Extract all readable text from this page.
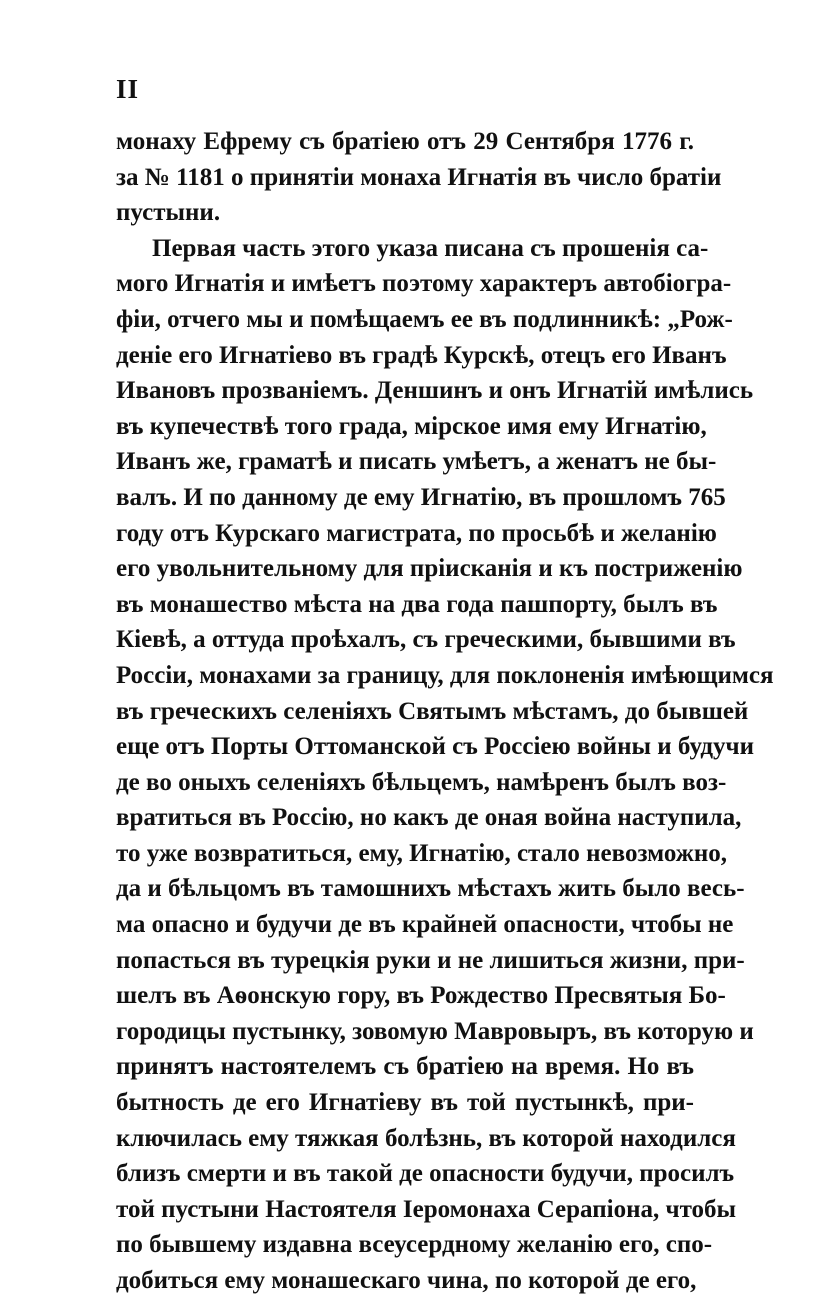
II
монаху Ефрему съ братіею отъ 29 Сентября 1776 г.
за № 1181 о принятіи монаха Игнатія въ число братіи
пустыни.
Первая часть этого указа писана съ прошенія са-
мого Игнатія и имѣетъ поэтому характеръ автобіогра-
фіи, отчего мы и помѣщаемъ ее въ подлинникѣ: „Рож-
деніе его Игнатіево въ градѣ Курскѣ, отецъ его Иванъ
Ивановъ прозваніемъ. Деншинъ и онъ Игнатій имѣлись
въ купечествѣ того града, мірское имя ему Игнатію,
Иванъ же, граматѣ и писать умѣетъ, а женатъ не бы-
валъ. И по данному де ему Игнатію, въ прошломъ 765
году отъ Курскаго магистрата, по просьбѣ и желанію
его увольнительному для пріисканія и къ постриженію
въ монашество мѣста на два года пашпорту, былъ въ
Кіевѣ, а оттуда проѣхалъ, съ греческими, бывшими въ
Россіи, монахами за границу, для поклоненія имѣющимся
въ греческихъ селеніяхъ Святымъ мѣстамъ, до бывшей
еще отъ Порты Оттоманской съ Россіею войны и будучи
де во оныхъ селеніяхъ бѣльцемъ, намѣренъ былъ воз-
вратиться въ Россію, но какъ де оная война наступила,
то уже возвратиться, ему, Игнатію, стало невозможно,
да и бѣльцомъ въ тамошнихъ мѣстахъ жить было весь-
ма опасно и будучи де въ крайней опасности, чтобы не
попасться въ турецкія руки и не лишиться жизни, при-
шелъ въ Аѳонскую гору, въ Рождество Пресвятыя Бо-
городицы пустынку, зовомую Мавровыръ, въ которую и
принятъ настоятелемъ съ братіею на время. Но въ
бытность де его Игнатіеву въ той пустынкѣ, при-
ключилась ему тяжкая болѣзнь, въ которой находился
близъ смерти и въ такой де опасности будучи, просилъ
той пустыни Настоятеля Іеромонаха Серапіона, чтобы
по бывшему издавна всеусердному желанію его, спо-
добиться ему монашескаго чина, по которой де его,
